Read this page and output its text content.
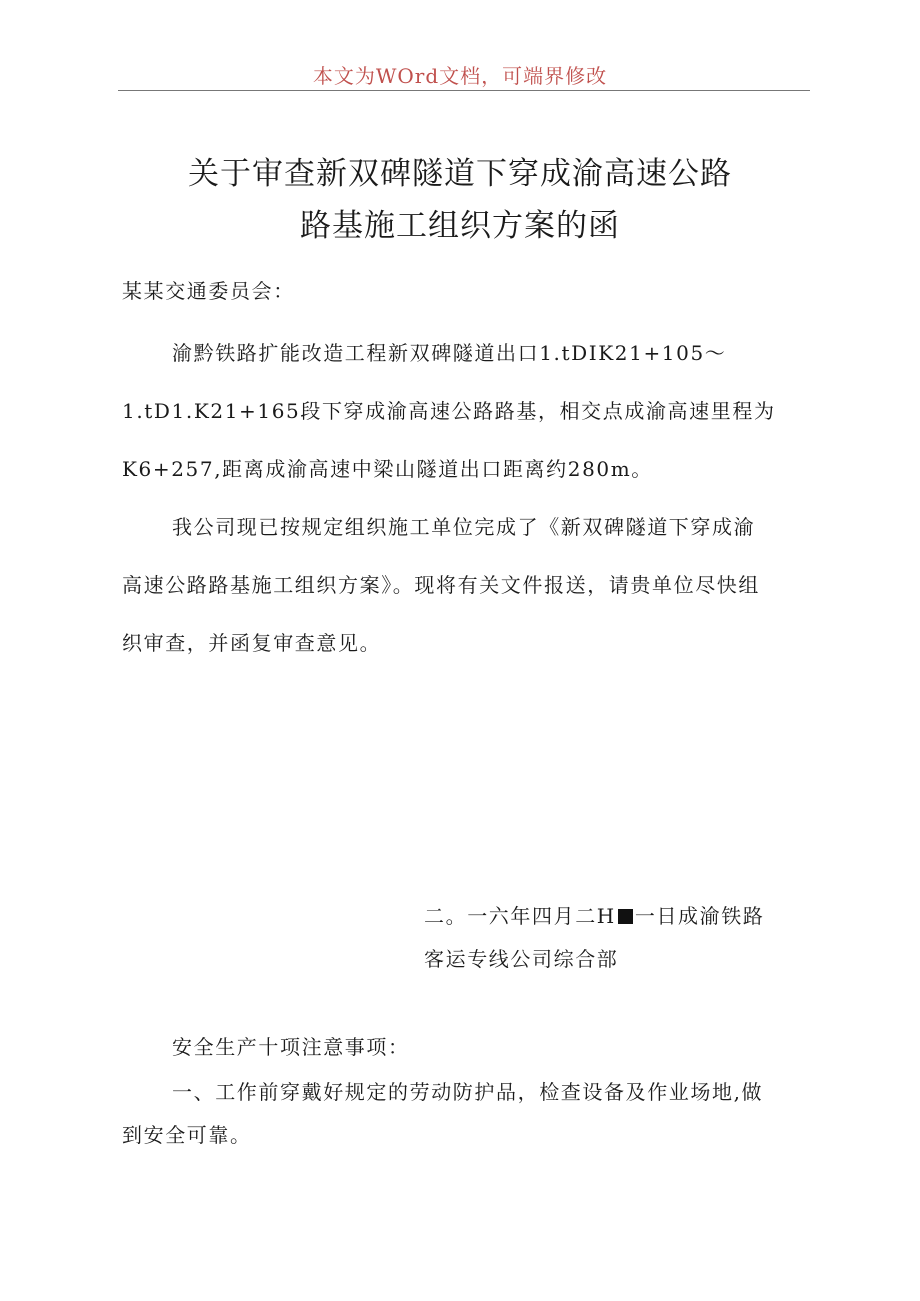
本文为WOrd文档，可端界修改
关于审查新双碑隧道下穿成渝高速公路
路基施工组织方案的函
某某交通委员会：
渝黔铁路扩能改造工程新双碑隧道出口1.tDIK21+105〜
1.tD1.K21+165段下穿成渝高速公路路基，相交点成渝高速里程为
K6+257,距离成渝高速中梁山隧道出口距离约280m。
我公司现已按规定组织施工单位完成了《新双碑隧道下穿成渝
高速公路路基施工组织方案》。现将有关文件报送，请贵单位尽快组
织审查，并函复审查意见。
二。一六年四月二H 一日成渝铁路
客运专线公司综合部
安全生产十项注意事项：
一、工作前穿戴好规定的劳动防护品，检查设备及作业场地,做
到安全可靠。
